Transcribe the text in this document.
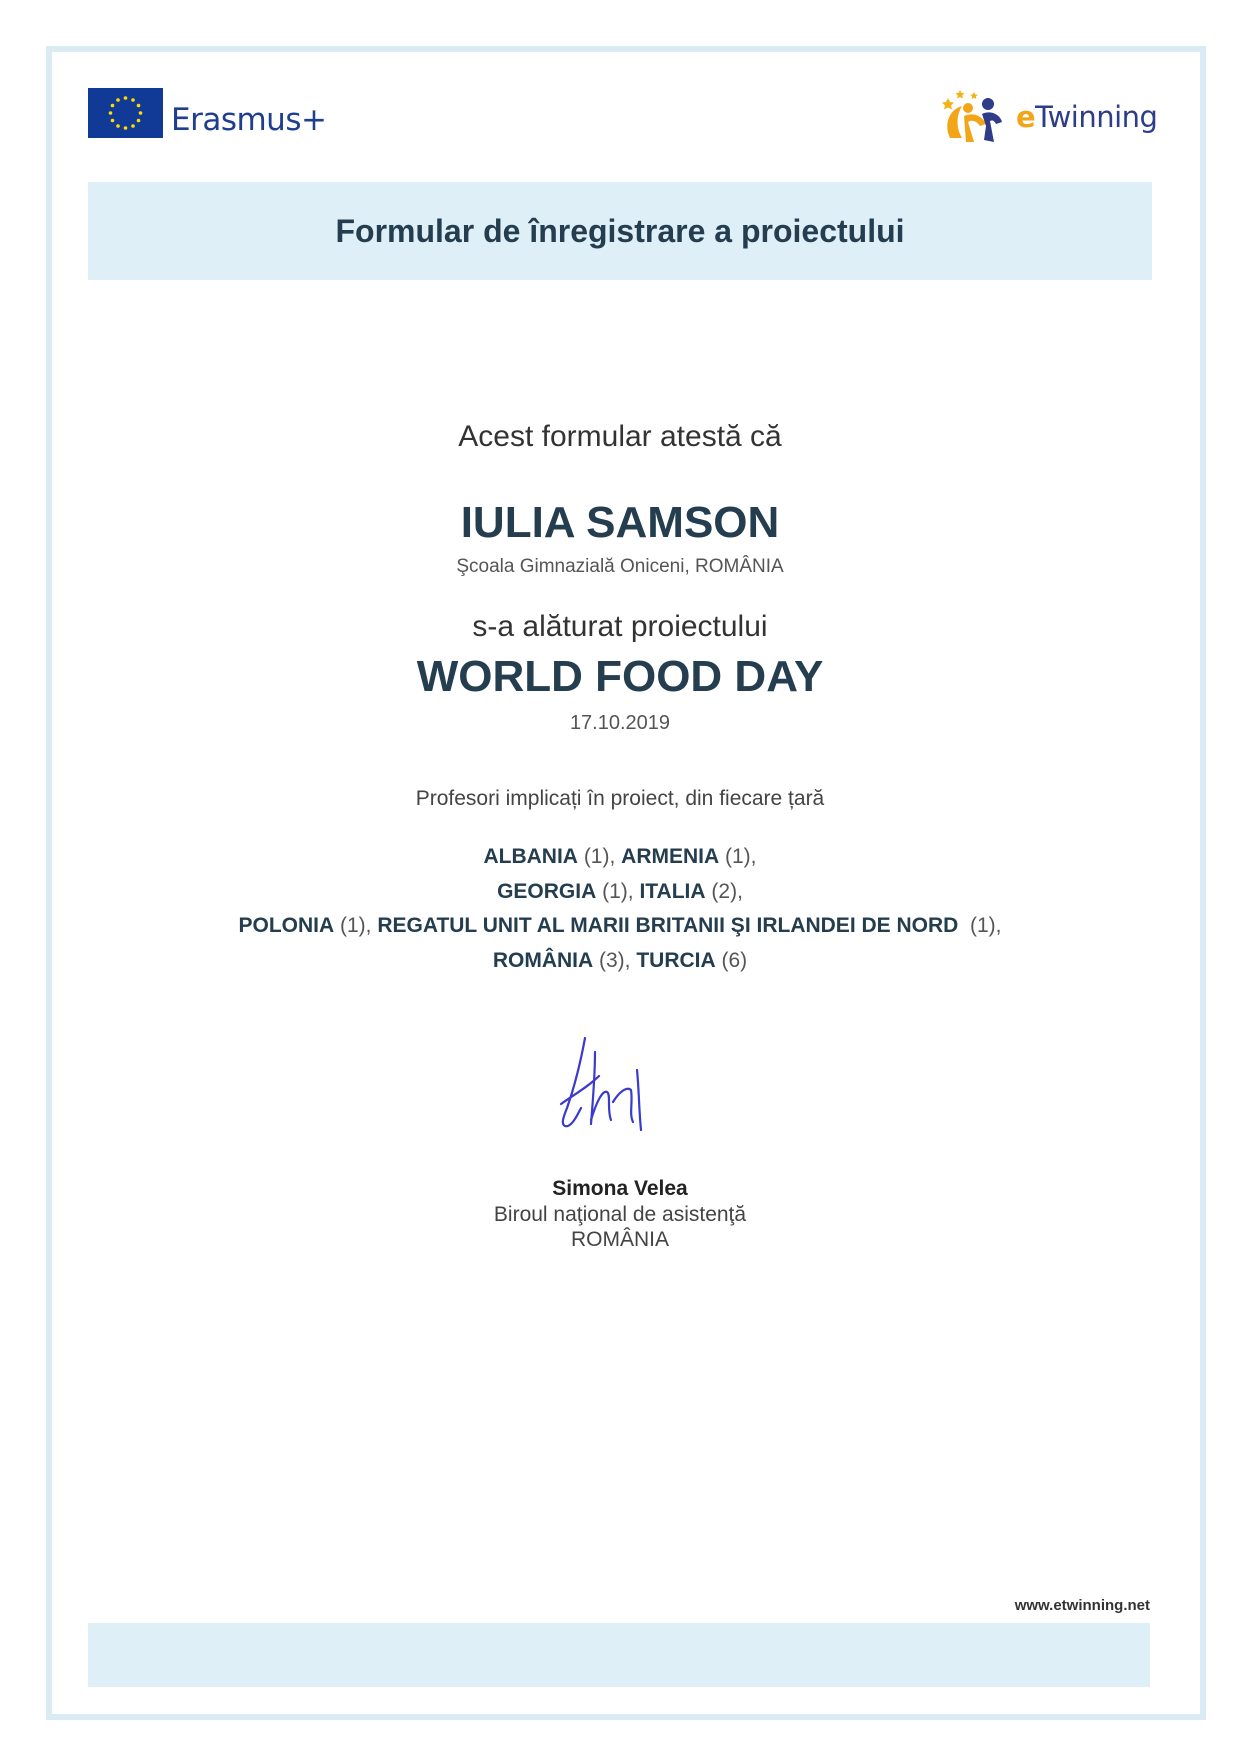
Erasmus+	eTwinning
Formular de înregistrare a proiectului
Acest formular atestă că
IULIA SAMSON
Şcoala Gimnazială Oniceni, ROMÂNIA
s-a alăturat proiectului
WORLD FOOD DAY
17.10.2019
Profesori implicați în proiect, din fiecare țară
ALBANIA (1), ARMENIA (1),
GEORGIA (1), ITALIA (2),
POLONIA (1), REGATUL UNIT AL MARII BRITANII ŞI IRLANDEI DE NORD  (1),
ROMÂNIA (3), TURCIA (6)
Simona Velea
Biroul naţional de asistenţă
ROMÂNIA
www.etwinning.net
